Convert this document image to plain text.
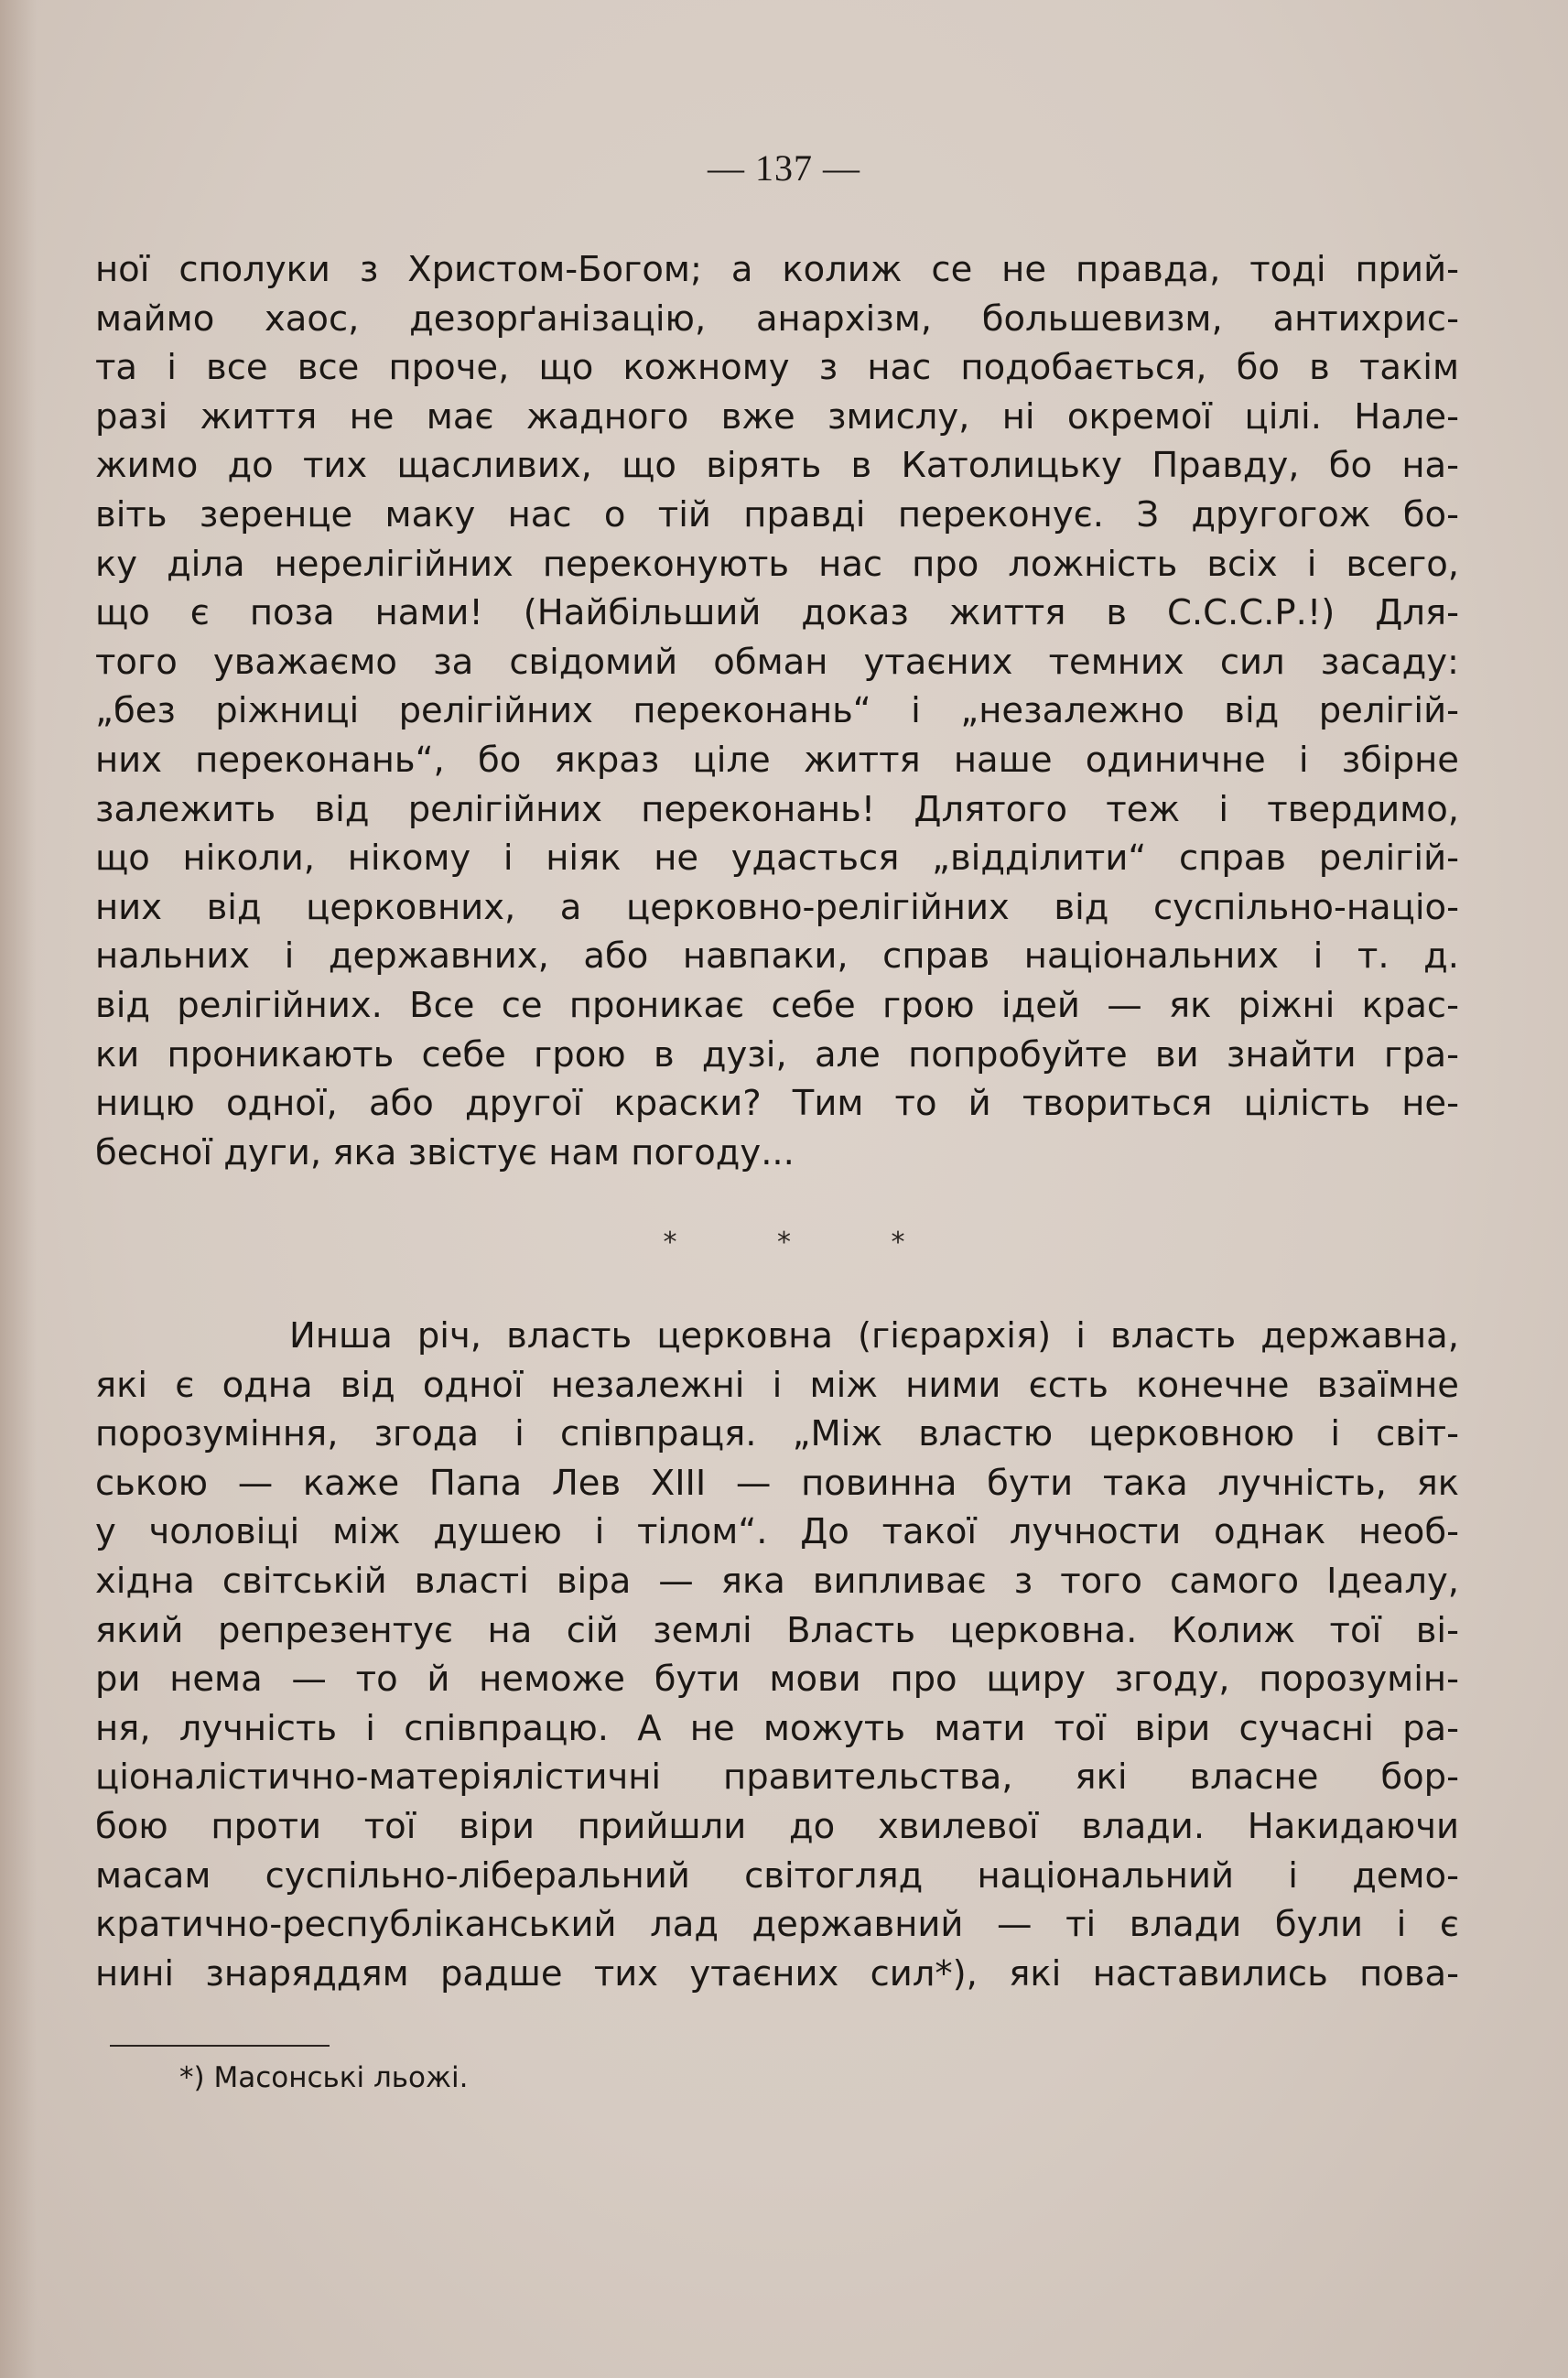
— 137 —
ної сполуки з Христом-Богом; а колиж се не правда, тоді прий-
маймо хаос, дезорґанізацію, анархізм, большевизм, антихрис-
та і все все проче, що кожному з нас подобається, бо в такім
разі життя не має жадного вже змислу, ні окремої цілі. Нале-
жимо до тих щасливих, що вірять в Католицьку Правду, бо на-
віть зеренце маку нас о тій правді переконує. З другогож бо-
ку діла нерелігійних переконують нас про ложність всіх і всего,
що є поза нами! (Найбільший доказ життя в С.С.С.Р.!) Для-
того уважаємо за свідомий обман утаєних темних сил засаду:
„без ріжниці релігійних переконань“ і „незалежно від релігій-
них переконань“, бо якраз ціле життя наше одиничне і збірне
залежить від релігійних переконань! Длятого теж і твердимо,
що ніколи, нікому і ніяк не удасться „відділити“ справ релігій-
них від церковних, а церковно-релігійних від суспільно-націо-
нальних і державних, або навпаки, справ національних і т. д.
від релігійних. Все се проникає себе грою ідей — як ріжні крас-
ки проникають себе грою в дузі, але попробуйте ви знайти гра-
ницю одної, або другої краски? Тим то й твориться цілість не-
бесної дуги, яка звістує нам погоду...
* * *
Инша річ, власть церковна (гієрархія) і власть державна,
які є одна від одної незалежні і між ними єсть конечне взаїмне
порозуміння, згода і співпраця. „Між властю церковною і світ-
ською — каже Папа Лев XIII — повинна бути така лучність, як
у чоловіці між душею і тілом“. До такої лучности однак необ-
хідна світській власті віра — яка випливає з того самого Ідеалу,
який репрезентує на сій землі Власть церковна. Колиж тої ві-
ри нема — то й неможе бути мови про щиру згоду, порозумін-
ня, лучність і співпрацю. А не можуть мати тої віри сучасні ра-
ціоналістично-матеріялістичні правительства, які власне бор-
бою проти тої віри прийшли до хвилевої влади. Накидаючи
масам суспільно-ліберальний світогляд національний і демо-
кратично-республіканський лад державний — ті влади були і є
нині знаряддям радше тих утаєних сил*), які наставились пова-
*) Масонські льожі.
